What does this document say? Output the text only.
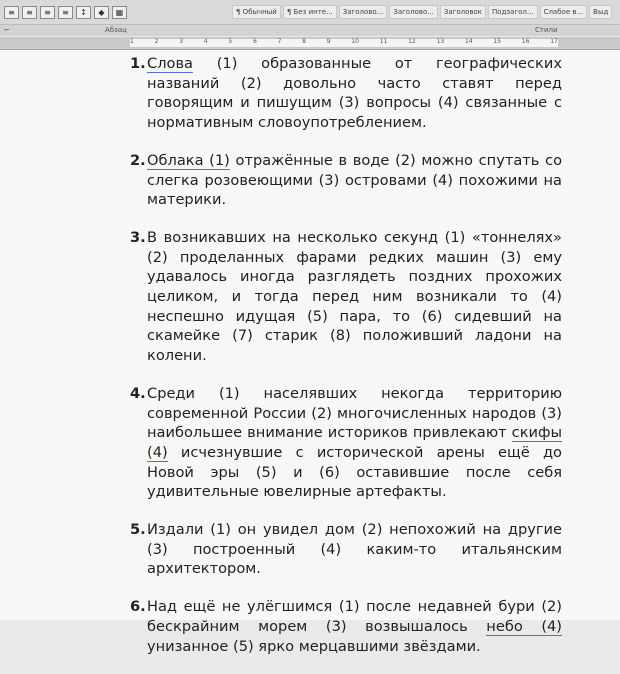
≡	≡	≡	≡	↕	◆	▦	¶ Обычный	¶ Без инте...	Заголово...	Заголово...	Заголовок	Подзагол...	Слабое в...	Выд
⌐	Абзац	Стили
1	2	3	4	5	6	7	8	9	10	11	12	13	14	15	16	17
1. Слова (1) образованные от географических названий (2) довольно часто ставят перед говорящим и пишущим (3) вопросы (4) связанные с нормативным словоупотреблением.
2. Облака (1) отражённые в воде (2) можно спутать со слегка розовеющими (3) островами (4) похожими на материки.
3. В возникавших на несколько секунд (1) «тоннелях» (2) проделанных фарами редких машин (3) ему удавалось иногда разглядеть поздних прохожих целиком, и тогда перед ним возникали то (4) неспешно идущая (5) пара, то (6) сидевший на скамейке (7) старик (8) положивший ладони на колени.
4. Среди (1) населявших некогда территорию современной России (2) многочисленных народов (3) наибольшее внимание историков привлекают скифы (4) исчезнувшие с исторической арены ещё до Новой эры (5) и (6) оставившие после себя удивительные ювелирные артефакты.
5. Издали (1) он увидел дом (2) непохожий на другие (3) построенный (4) каким-то итальянским архитектором.
6. Над ещё не улёгшимся (1) после недавней бури (2) бескрайним морем (3) возвышалось небо (4) унизанное (5) ярко мерцавшими звёздами.
